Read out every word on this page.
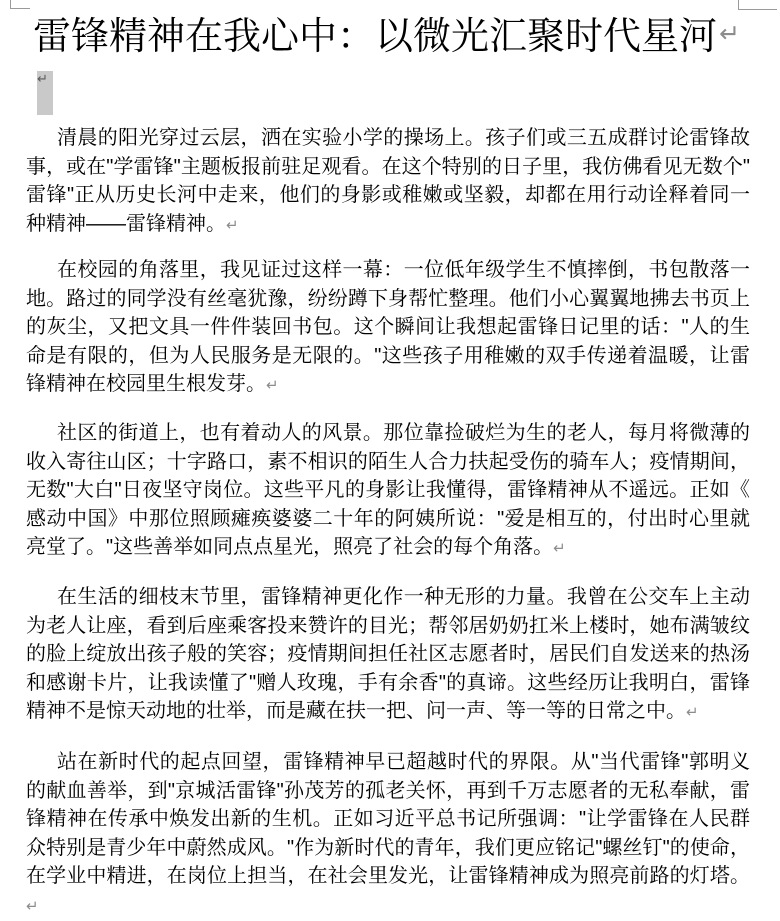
雷锋精神在我心中：以微光汇聚时代星河↵
↵

清晨的阳光穿过云层，洒在实验小学的操场上。孩子们或三五成群讨论雷锋故事，或在"学雷锋"主题板报前驻足观看。在这个特别的日子里，我仿佛看见无数个"雷锋"正从历史长河中走来，他们的身影或稚嫩或坚毅，却都在用行动诠释着同一种精神——雷锋精神。↵

在校园的角落里，我见证过这样一幕：一位低年级学生不慎摔倒，书包散落一地。路过的同学没有丝毫犹豫，纷纷蹲下身帮忙整理。他们小心翼翼地拂去书页上的灰尘，又把文具一件件装回书包。这个瞬间让我想起雷锋日记里的话："人的生命是有限的，但为人民服务是无限的。"这些孩子用稚嫩的双手传递着温暖，让雷锋精神在校园里生根发芽。↵

社区的街道上，也有着动人的风景。那位靠捡破烂为生的老人，每月将微薄的收入寄往山区；十字路口，素不相识的陌生人合力扶起受伤的骑车人；疫情期间，无数"大白"日夜坚守岗位。这些平凡的身影让我懂得，雷锋精神从不遥远。正如《感动中国》中那位照顾瘫痪婆婆二十年的阿姨所说："爱是相互的，付出时心里就亮堂了。"这些善举如同点点星光，照亮了社会的每个角落。↵

在生活的细枝末节里，雷锋精神更化作一种无形的力量。我曾在公交车上主动为老人让座，看到后座乘客投来赞许的目光；帮邻居奶奶扛米上楼时，她布满皱纹的脸上绽放出孩子般的笑容；疫情期间担任社区志愿者时，居民们自发送来的热汤和感谢卡片，让我读懂了"赠人玫瑰，手有余香"的真谛。这些经历让我明白，雷锋精神不是惊天动地的壮举，而是藏在扶一把、问一声、等一等的日常之中。↵

站在新时代的起点回望，雷锋精神早已超越时代的界限。从"当代雷锋"郭明义的献血善举，到"京城活雷锋"孙茂芳的孤老关怀，再到千万志愿者的无私奉献，雷锋精神在传承中焕发出新的生机。正如习近平总书记所强调："让学雷锋在人民群众特别是青少年中蔚然成风。"作为新时代的青年，我们更应铭记"螺丝钉"的使命，在学业中精进，在岗位上担当，在社会里发光，让雷锋精神成为照亮前路的灯塔。↵
